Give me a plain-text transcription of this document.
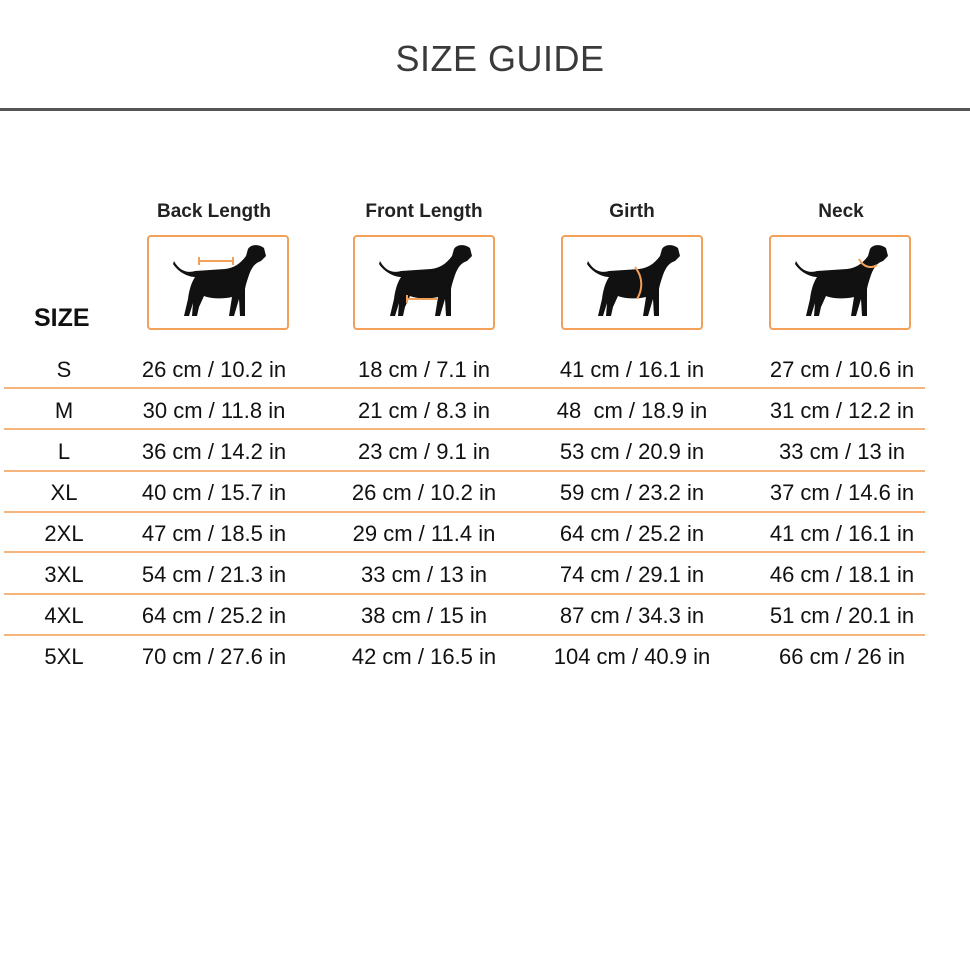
SIZE GUIDE
SIZE
Back Length	Front Length	Girth	Neck
S	26 cm / 10.2 in	18 cm / 7.1 in	41 cm / 16.1 in	27 cm / 10.6 in
M	30 cm / 11.8 in	21 cm / 8.3 in	48  cm / 18.9 in	31 cm / 12.2 in
L	36 cm / 14.2 in	23 cm / 9.1 in	53 cm / 20.9 in	33 cm / 13 in
XL	40 cm / 15.7 in	26 cm / 10.2 in	59 cm / 23.2 in	37 cm / 14.6 in
2XL	47 cm / 18.5 in	29 cm / 11.4 in	64 cm / 25.2 in	41 cm / 16.1 in
3XL	54 cm / 21.3 in	33 cm / 13 in	74 cm / 29.1 in	46 cm / 18.1 in
4XL	64 cm / 25.2 in	38 cm / 15 in	87 cm / 34.3 in	51 cm / 20.1 in
5XL	70 cm / 27.6 in	42 cm / 16.5 in	104 cm / 40.9 in	66 cm / 26 in
